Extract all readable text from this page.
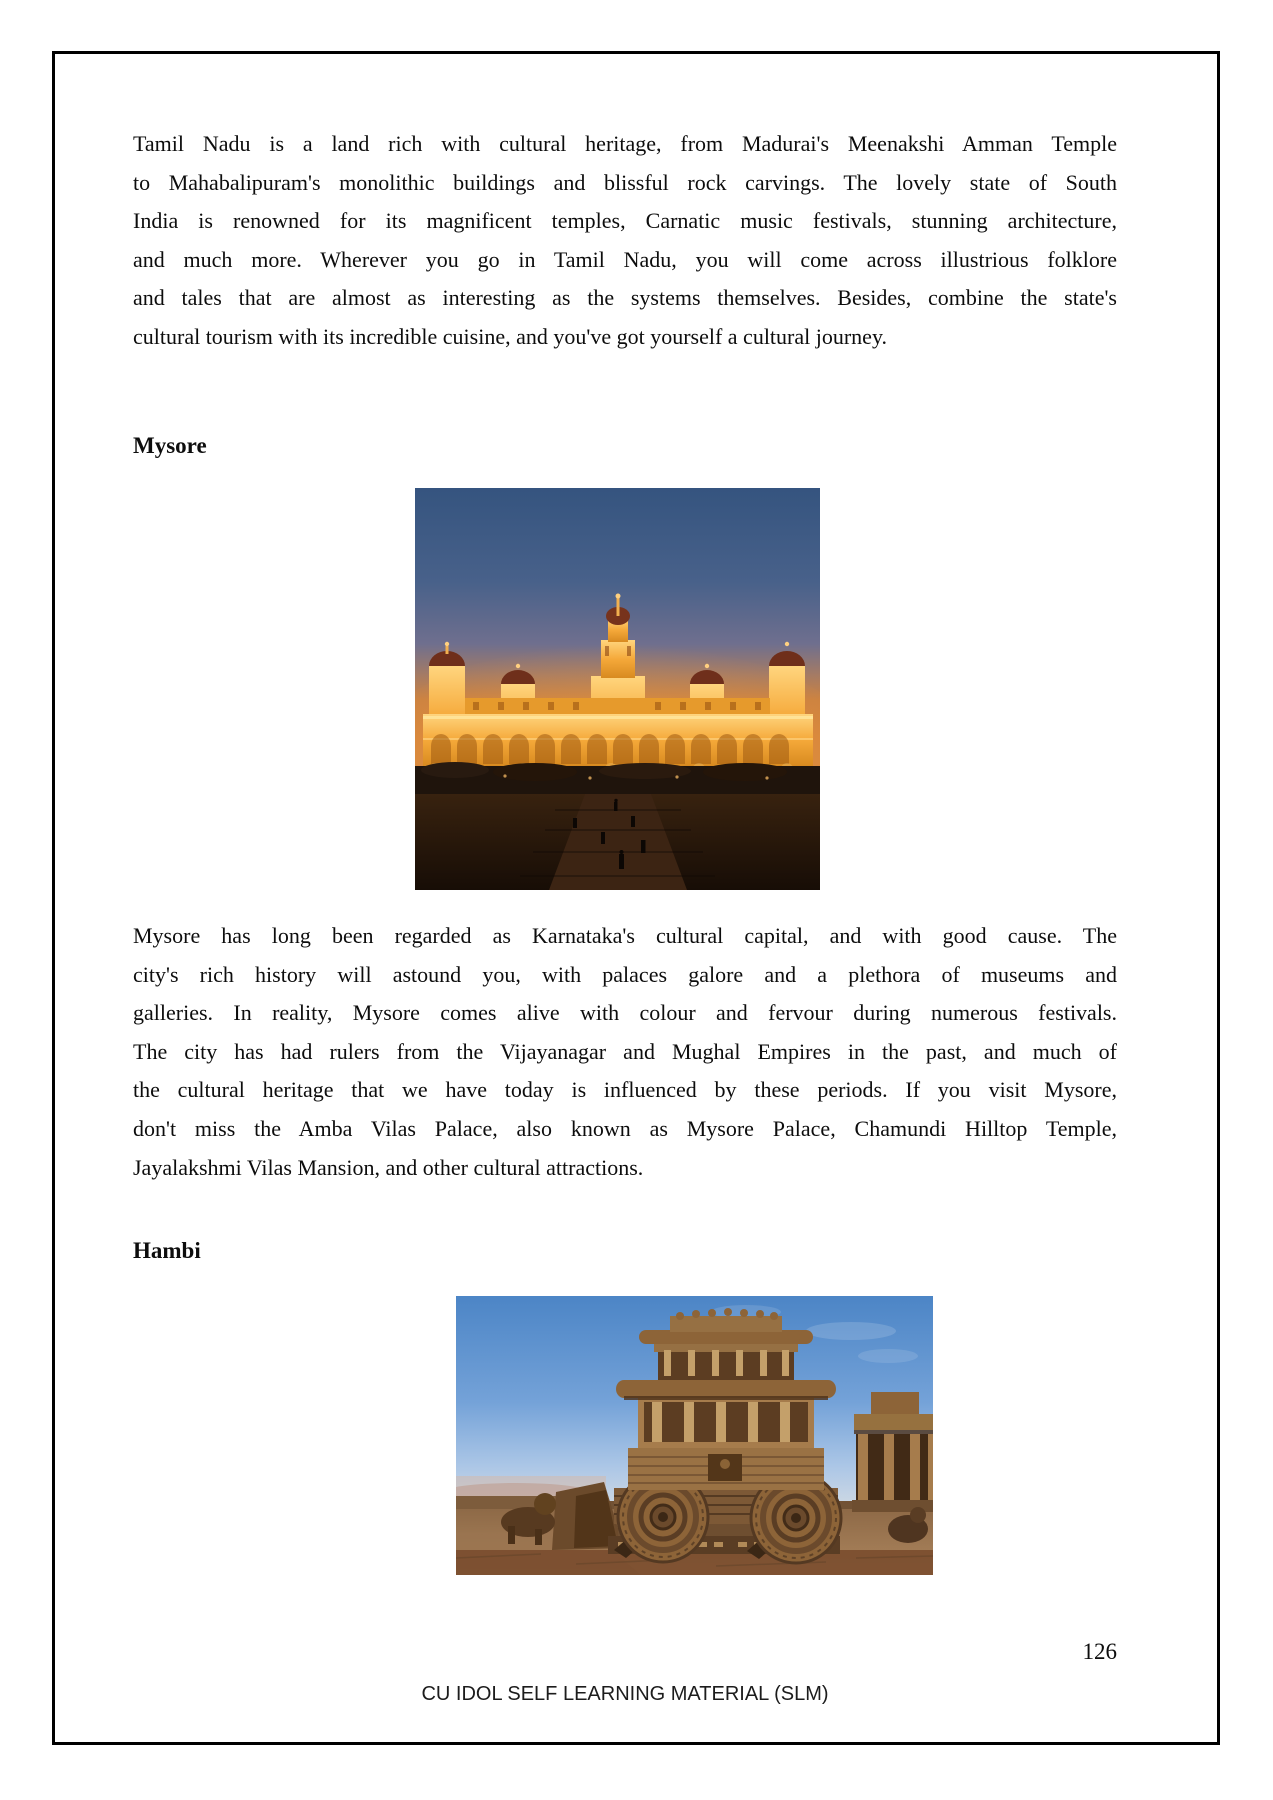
Tamil Nadu is a land rich with cultural heritage, from Madurai's Meenakshi Amman Temple
to Mahabalipuram's monolithic buildings and blissful rock carvings. The lovely state of South
India is renowned for its magnificent temples, Carnatic music festivals, stunning architecture,
and much more. Wherever you go in Tamil Nadu, you will come across illustrious folklore
and tales that are almost as interesting as the systems themselves. Besides, combine the state's
cultural tourism with its incredible cuisine, and you've got yourself a cultural journey.
Mysore
Mysore has long been regarded as Karnataka's cultural capital, and with good cause. The
city's rich history will astound you, with palaces galore and a plethora of museums and
galleries. In reality, Mysore comes alive with colour and fervour during numerous festivals.
The city has had rulers from the Vijayanagar and Mughal Empires in the past, and much of
the cultural heritage that we have today is influenced by these periods. If you visit Mysore,
don't miss the Amba Vilas Palace, also known as Mysore Palace, Chamundi Hilltop Temple,
Jayalakshmi Vilas Mansion, and other cultural attractions.
Hambi
126
CU IDOL SELF LEARNING MATERIAL (SLM)
